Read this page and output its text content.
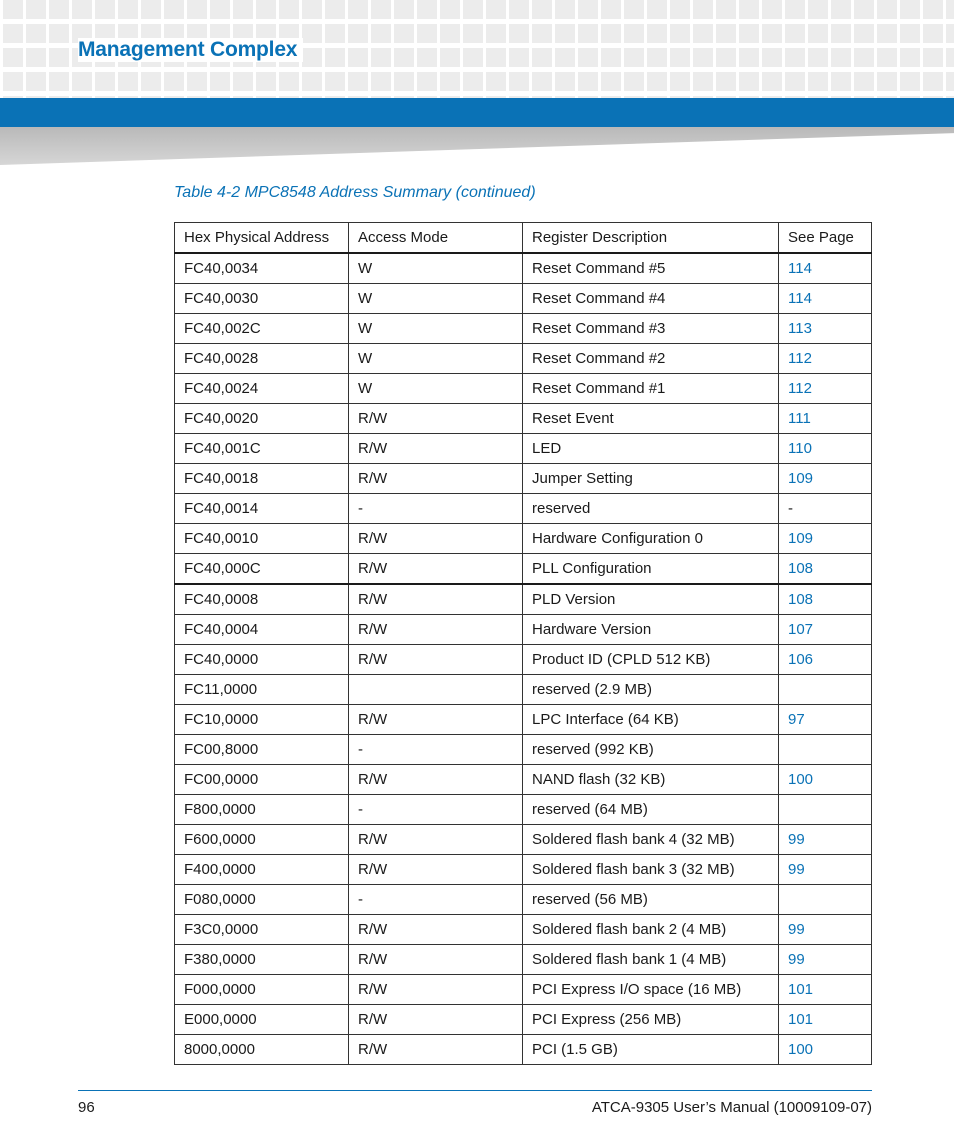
Management Complex

Table 4-2 MPC8548 Address Summary (continued)

Hex Physical Address	Access Mode	Register Description	See Page
FC40,0034	W	Reset Command #5	114
FC40,0030	W	Reset Command #4	114
FC40,002C	W	Reset Command #3	113
FC40,0028	W	Reset Command #2	112
FC40,0024	W	Reset Command #1	112
FC40,0020	R/W	Reset Event	111
FC40,001C	R/W	LED	110
FC40,0018	R/W	Jumper Setting	109
FC40,0014	-	reserved	-
FC40,0010	R/W	Hardware Configuration 0	109
FC40,000C	R/W	PLL Configuration	108
FC40,0008	R/W	PLD Version	108
FC40,0004	R/W	Hardware Version	107
FC40,0000	R/W	Product ID (CPLD 512 KB)	106
FC11,0000		reserved (2.9 MB)	
FC10,0000	R/W	LPC Interface (64 KB)	97
FC00,8000	-	reserved (992 KB)	
FC00,0000	R/W	NAND flash (32 KB)	100
F800,0000	-	reserved (64 MB)	
F600,0000	R/W	Soldered flash bank 4 (32 MB)	99
F400,0000	R/W	Soldered flash bank 3 (32 MB)	99
F080,0000	-	reserved (56 MB)	
F3C0,0000	R/W	Soldered flash bank 2 (4 MB)	99
F380,0000	R/W	Soldered flash bank 1 (4 MB)	99
F000,0000	R/W	PCI Express I/O space (16 MB)	101
E000,0000	R/W	PCI Express (256 MB)	101
8000,0000	R/W	PCI (1.5 GB)	100
96	ATCA-9305 User’s Manual (10009109-07)
